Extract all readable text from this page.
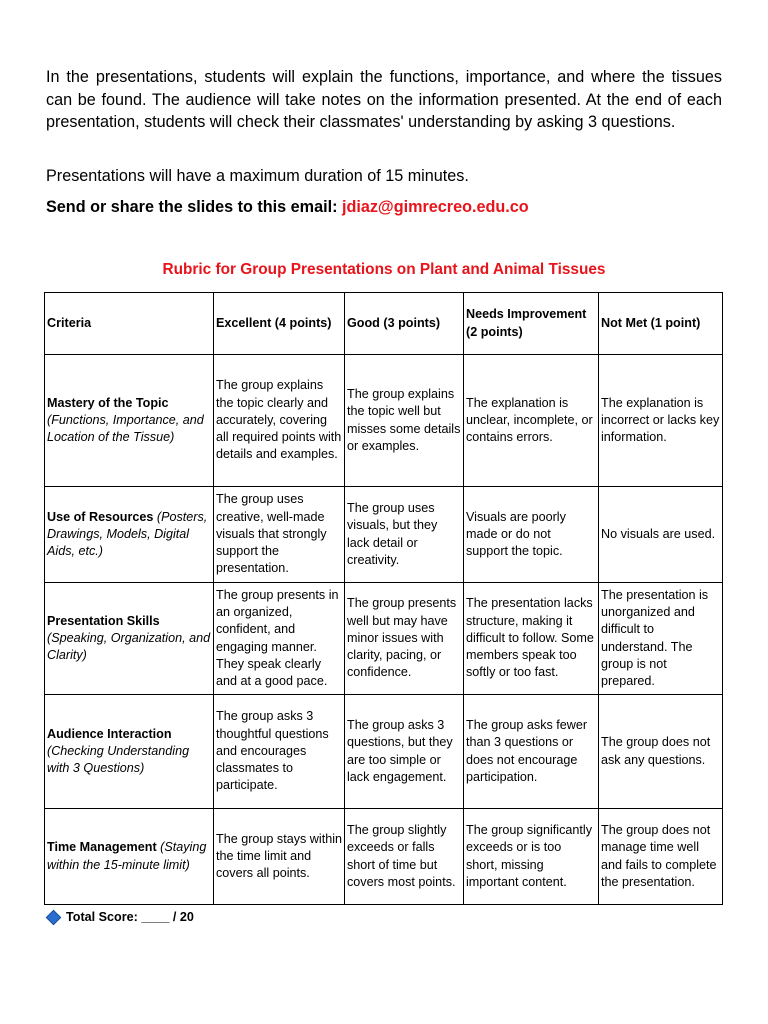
In the presentations, students will explain the functions, importance, and where the tissues can be found. The audience will take notes on the information presented. At the end of each presentation, students will check their classmates' understanding by asking 3 questions.

Presentations will have a maximum duration of 15 minutes.

Send or share the slides to this email: jdiaz@gimrecreo.edu.co

Rubric for Group Presentations on Plant and Animal Tissues

Criteria	Excellent (4 points)	Good (3 points)	Needs Improvement (2 points)	Not Met (1 point)
Mastery of the Topic (Functions, Importance, and Location of the Tissue)	The group explains the topic clearly and accurately, covering all required points with details and examples.	The group explains the topic well but misses some details or examples.	The explanation is unclear, incomplete, or contains errors.	The explanation is incorrect or lacks key information.
Use of Resources (Posters, Drawings, Models, Digital Aids, etc.)	The group uses creative, well-made visuals that strongly support the presentation.	The group uses visuals, but they lack detail or creativity.	Visuals are poorly made or do not support the topic.	No visuals are used.
Presentation Skills (Speaking, Organization, and Clarity)	The group presents in an organized, confident, and engaging manner. They speak clearly and at a good pace.	The group presents well but may have minor issues with clarity, pacing, or confidence.	The presentation lacks structure, making it difficult to follow. Some members speak too softly or too fast.	The presentation is unorganized and difficult to understand. The group is not prepared.
Audience Interaction (Checking Understanding with 3 Questions)	The group asks 3 thoughtful questions and encourages classmates to participate.	The group asks 3 questions, but they are too simple or lack engagement.	The group asks fewer than 3 questions or does not encourage participation.	The group does not ask any questions.
Time Management (Staying within the 15-minute limit)	The group stays within the time limit and covers all points.	The group slightly exceeds or falls short of time but covers most points.	The group significantly exceeds or is too short, missing important content.	The group does not manage time well and fails to complete the presentation.

Total Score: ____ / 20
